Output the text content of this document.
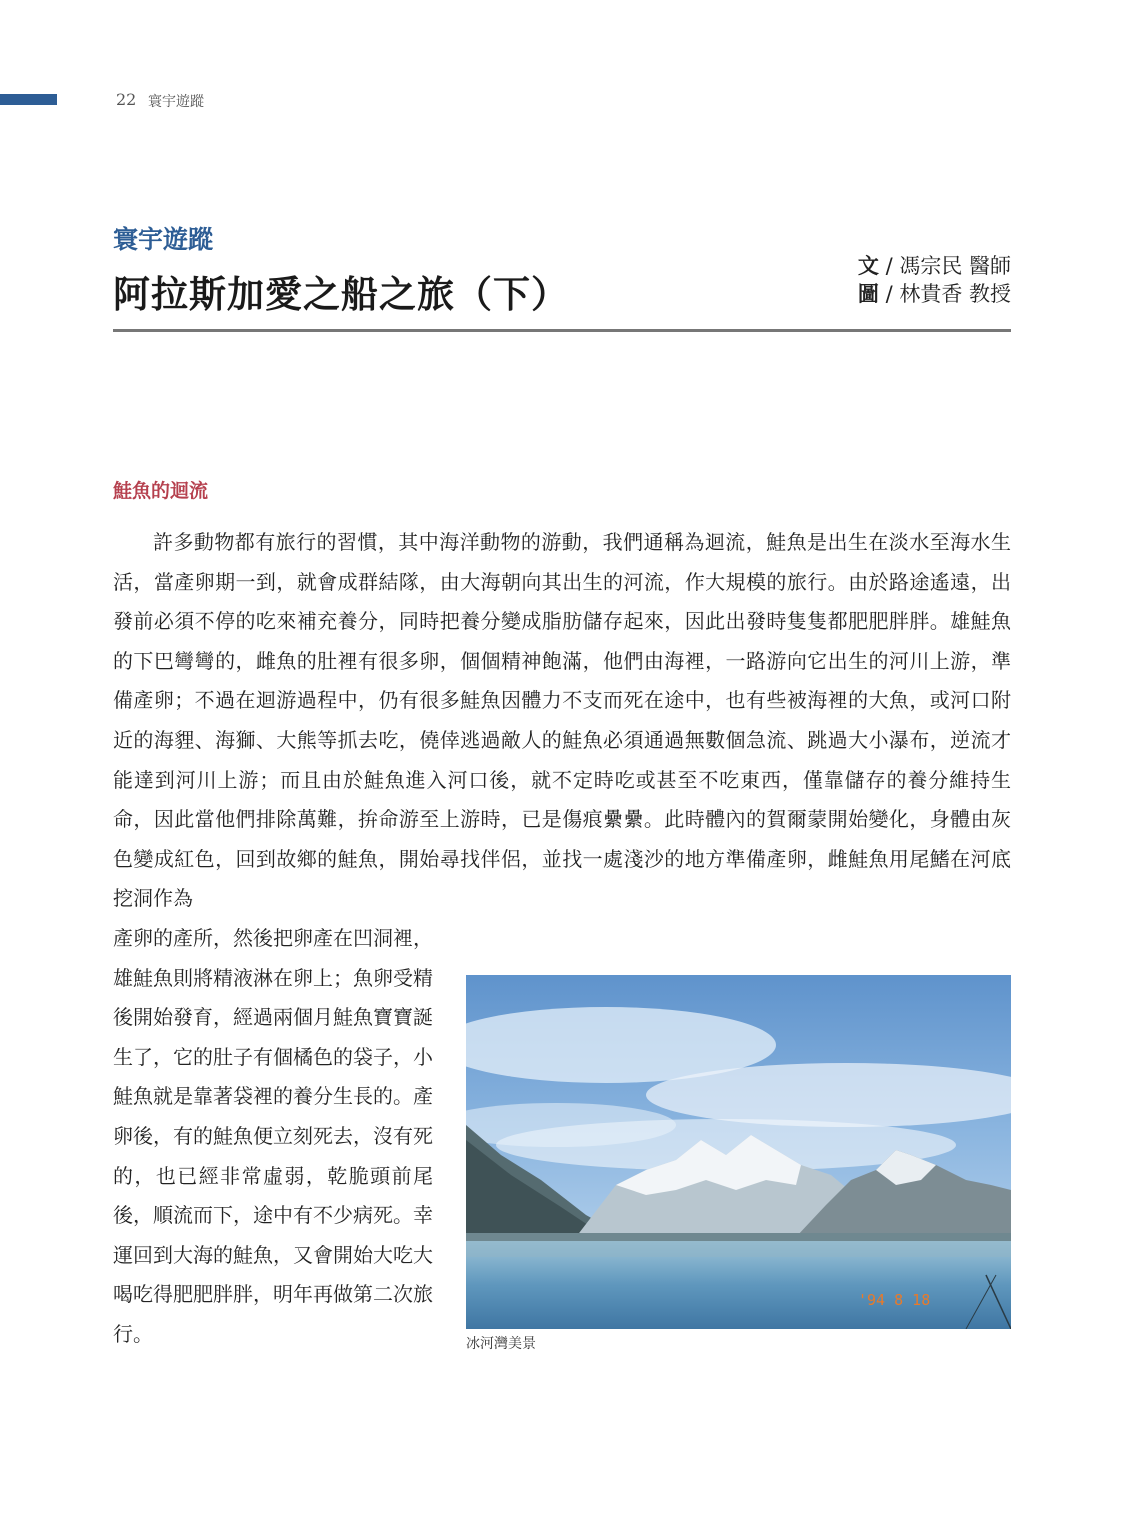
22 寰宇遊蹤
寰宇遊蹤
阿拉斯加愛之船之旅（下）
文 / 馮宗民 醫師
圖 / 林貴香 教授
鮭魚的迴流

許多動物都有旅行的習慣，其中海洋動物的游動，我們通稱為迴流，鮭魚是出生在淡水至海水生活，當產卵期一到，就會成群結隊，由大海朝向其出生的河流，作大規模的旅行。由於路途遙遠，出發前必須不停的吃來補充養分，同時把養分變成脂肪儲存起來，因此出發時隻隻都肥肥胖胖。雄鮭魚的下巴彎彎的，雌魚的肚裡有很多卵，個個精神飽滿，他們由海裡，一路游向它出生的河川上游，準備產卵；不過在迴游過程中，仍有很多鮭魚因體力不支而死在途中，也有些被海裡的大魚，或河口附近的海貍、海獅、大熊等抓去吃，僥倖逃過敵人的鮭魚必須通過無數個急流、跳過大小瀑布，逆流才能達到河川上游；而且由於鮭魚進入河口後，就不定時吃或甚至不吃東西，僅靠儲存的養分維持生命，因此當他們排除萬難，拚命游至上游時，已是傷痕纍纍。此時體內的賀爾蒙開始變化，身體由灰色變成紅色，回到故鄉的鮭魚，開始尋找伴侶，並找一處淺沙的地方準備產卵，雌鮭魚用尾鰭在河底挖洞作為

產卵的產所，然後把卵產在凹洞裡，雄鮭魚則將精液淋在卵上；魚卵受精後開始發育，經過兩個月鮭魚寶寶誕生了，它的肚子有個橘色的袋子，小鮭魚就是靠著袋裡的養分生長的。產卵後，有的鮭魚便立刻死去，沒有死的，也已經非常虛弱，乾脆頭前尾後，順流而下，途中有不少病死。幸運回到大海的鮭魚，又會開始大吃大喝吃得肥肥胖胖，明年再做第二次旅行。

'94 8 18
冰河灣美景
